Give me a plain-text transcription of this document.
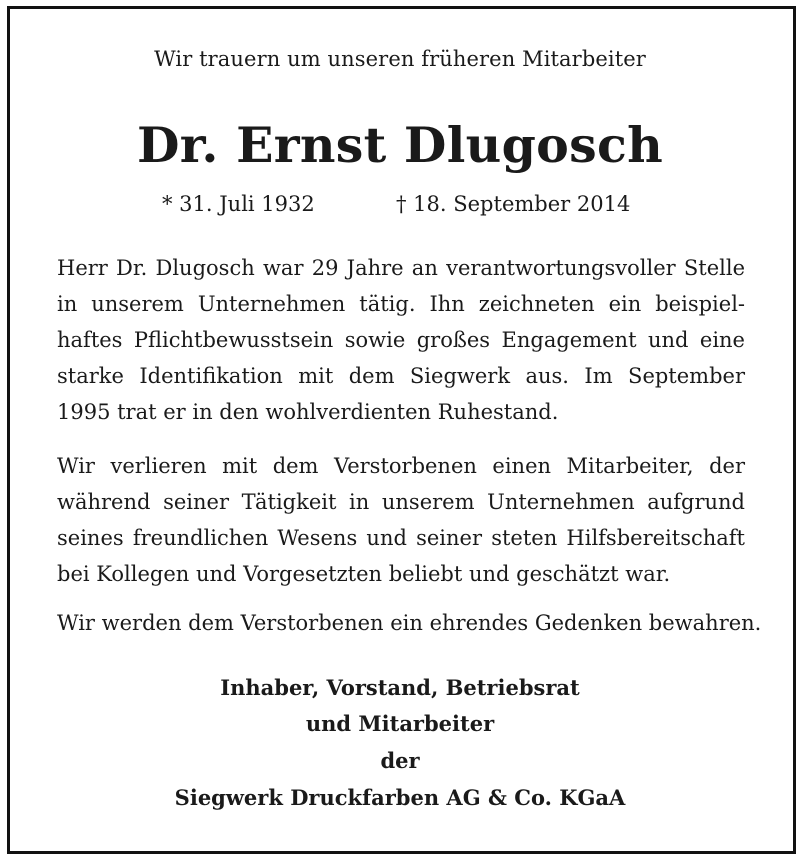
Wir trauern um unseren früheren Mitarbeiter
Dr. Ernst Dlugosch
* 31. Juli 1932	† 18. September 2014
Herr Dr. Dlugosch war 29 Jahre an verantwortungsvoller Stelle
in unserem Unternehmen tätig. Ihn zeichneten ein beispiel-
haftes Pflichtbewusstsein sowie großes Engagement und eine
starke Identifikation mit dem Siegwerk aus. Im September
1995 trat er in den wohlverdienten Ruhestand.
Wir verlieren mit dem Verstorbenen einen Mitarbeiter, der
während seiner Tätigkeit in unserem Unternehmen aufgrund
seines freundlichen Wesens und seiner steten Hilfsbereitschaft
bei Kollegen und Vorgesetzten beliebt und geschätzt war.
Wir werden dem Verstorbenen ein ehrendes Gedenken bewahren.
Inhaber, Vorstand, Betriebsrat
und Mitarbeiter
der
Siegwerk Druckfarben AG & Co. KGaA
